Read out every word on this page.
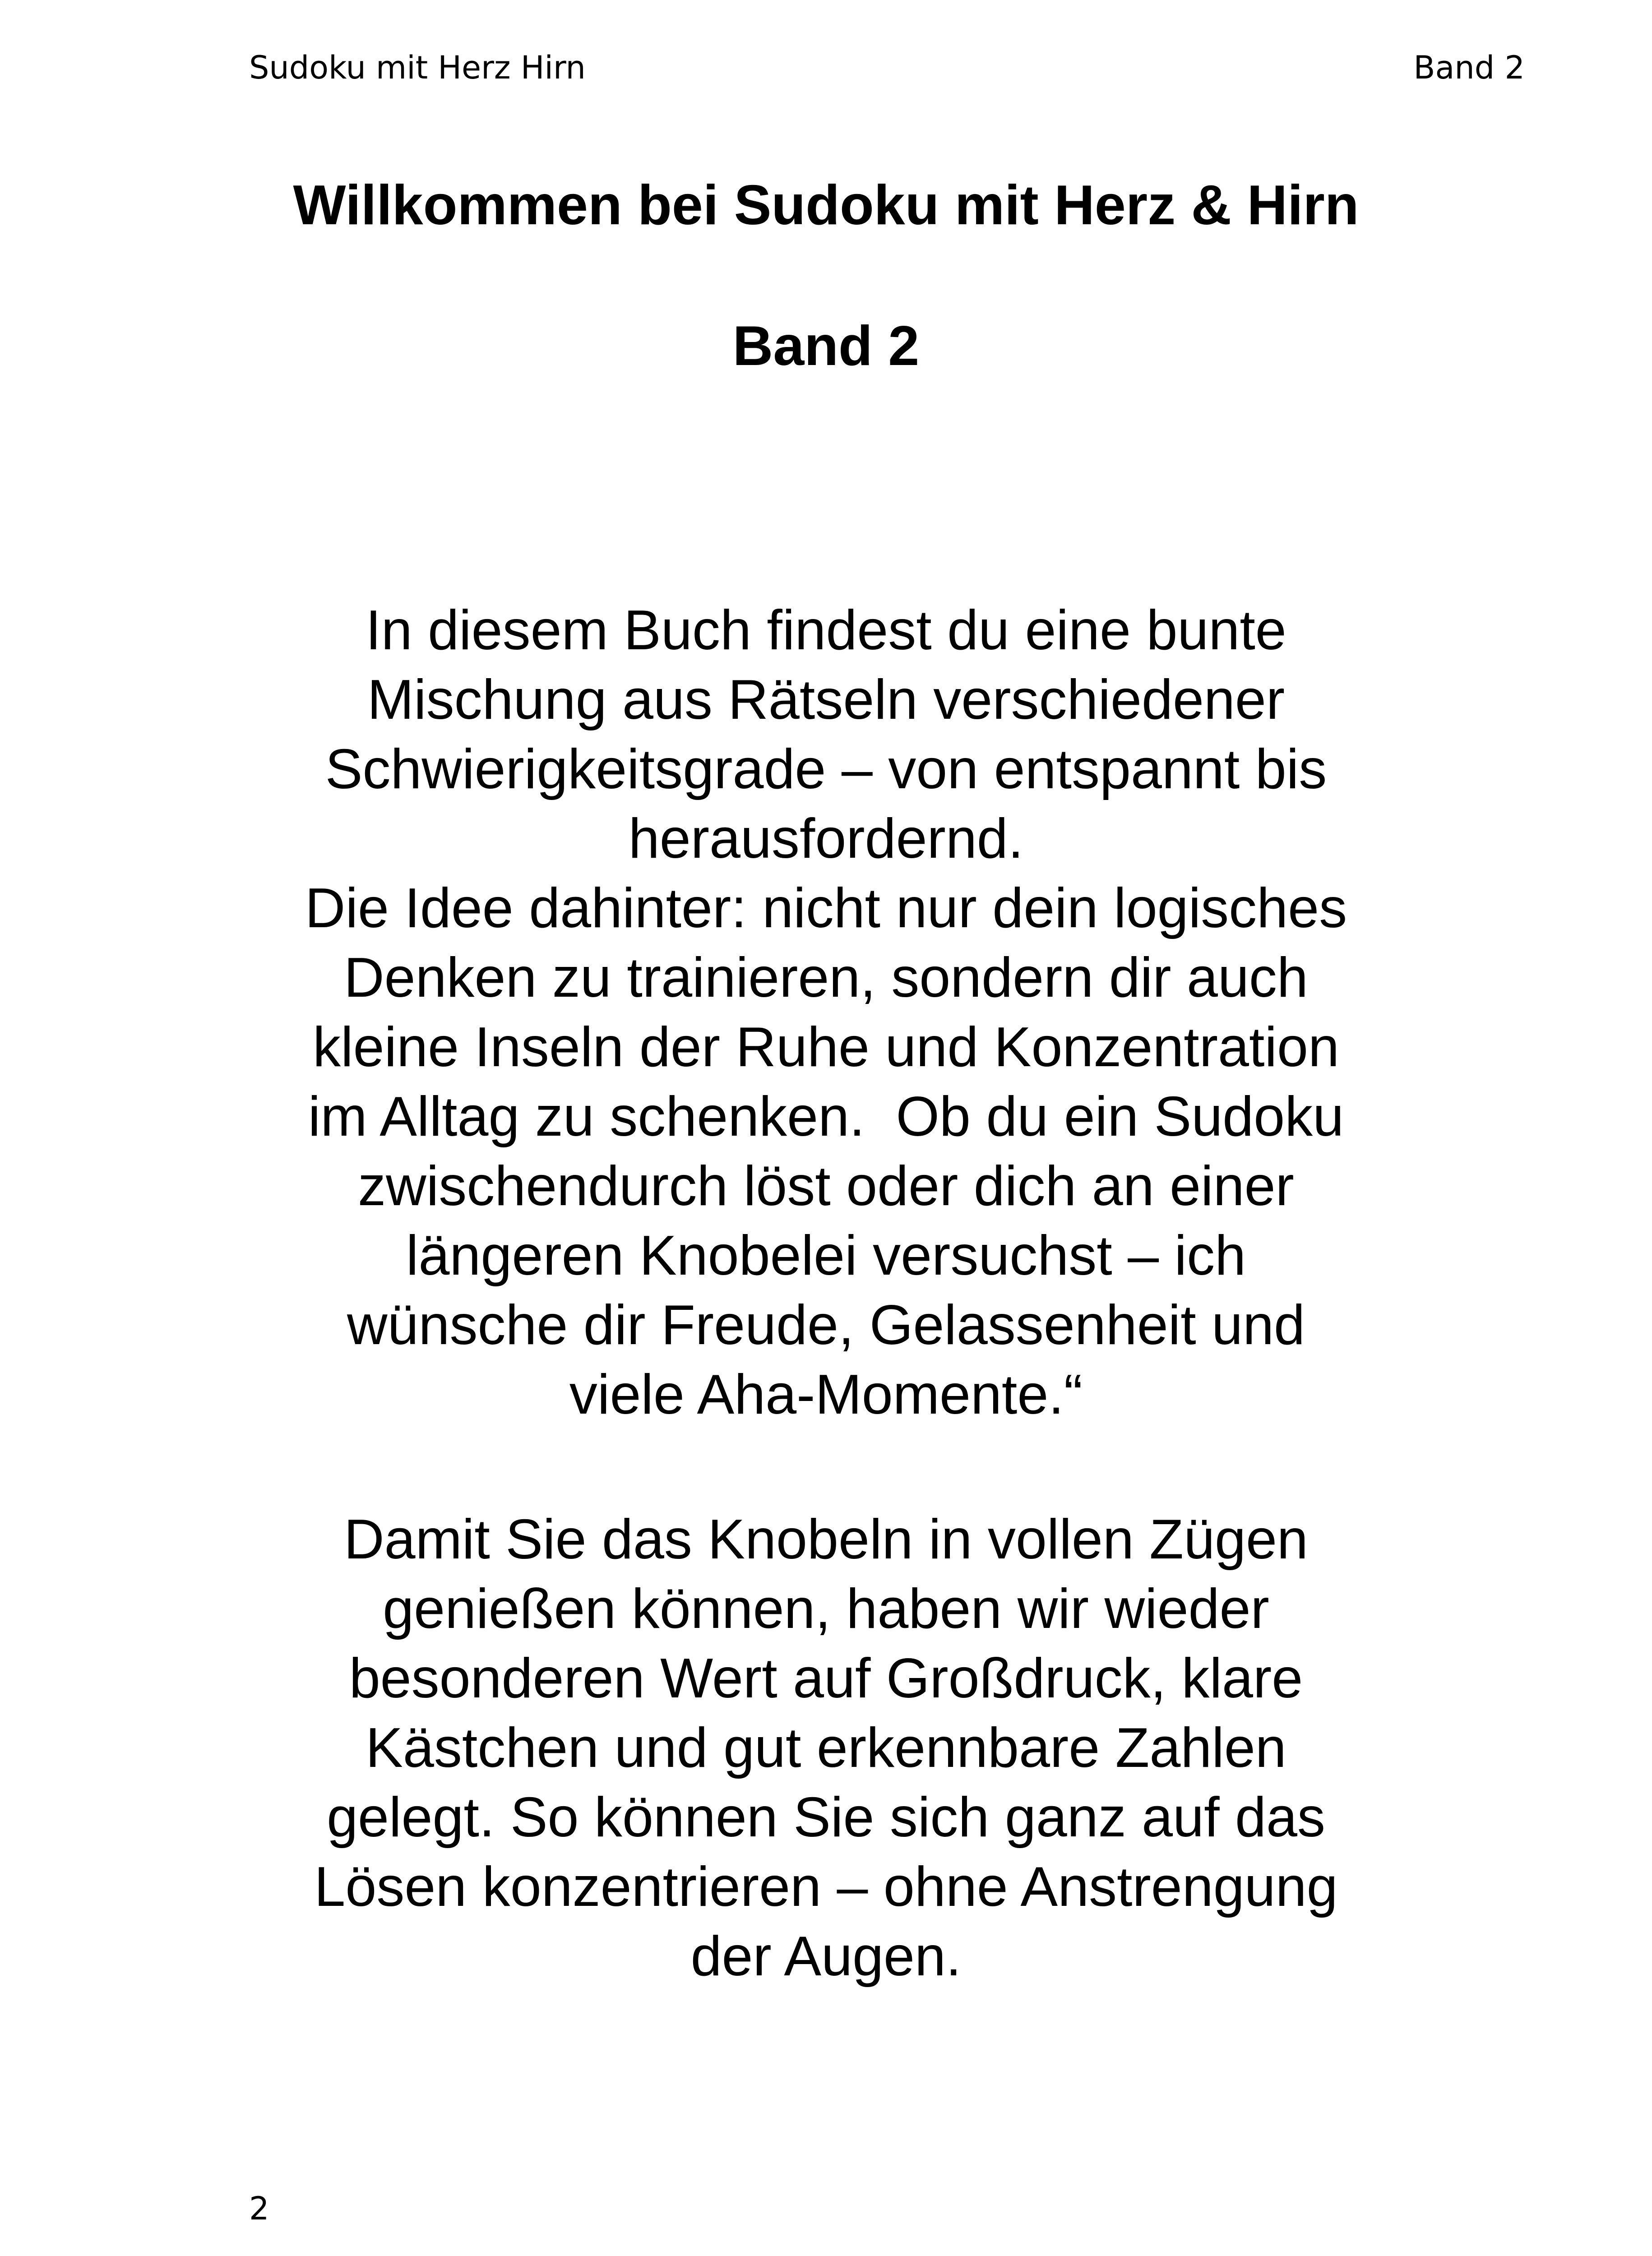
Sudoku mit Herz Hirn	Band 2
Willkommen bei Sudoku mit Herz & Hirn
Band 2

In diesem Buch findest du eine bunte
Mischung aus Rätseln verschiedener
Schwierigkeitsgrade – von entspannt bis
herausfordernd.
Die Idee dahinter: nicht nur dein logisches
Denken zu trainieren, sondern dir auch
kleine Inseln der Ruhe und Konzentration
im Alltag zu schenken.  Ob du ein Sudoku
zwischendurch löst oder dich an einer
längeren Knobelei versuchst – ich
wünsche dir Freude, Gelassenheit und
viele Aha-Momente.“

Damit Sie das Knobeln in vollen Zügen
genießen können, haben wir wieder
besonderen Wert auf Großdruck, klare
Kästchen und gut erkennbare Zahlen
gelegt. So können Sie sich ganz auf das
Lösen konzentrieren – ohne Anstrengung
der Augen.

2
